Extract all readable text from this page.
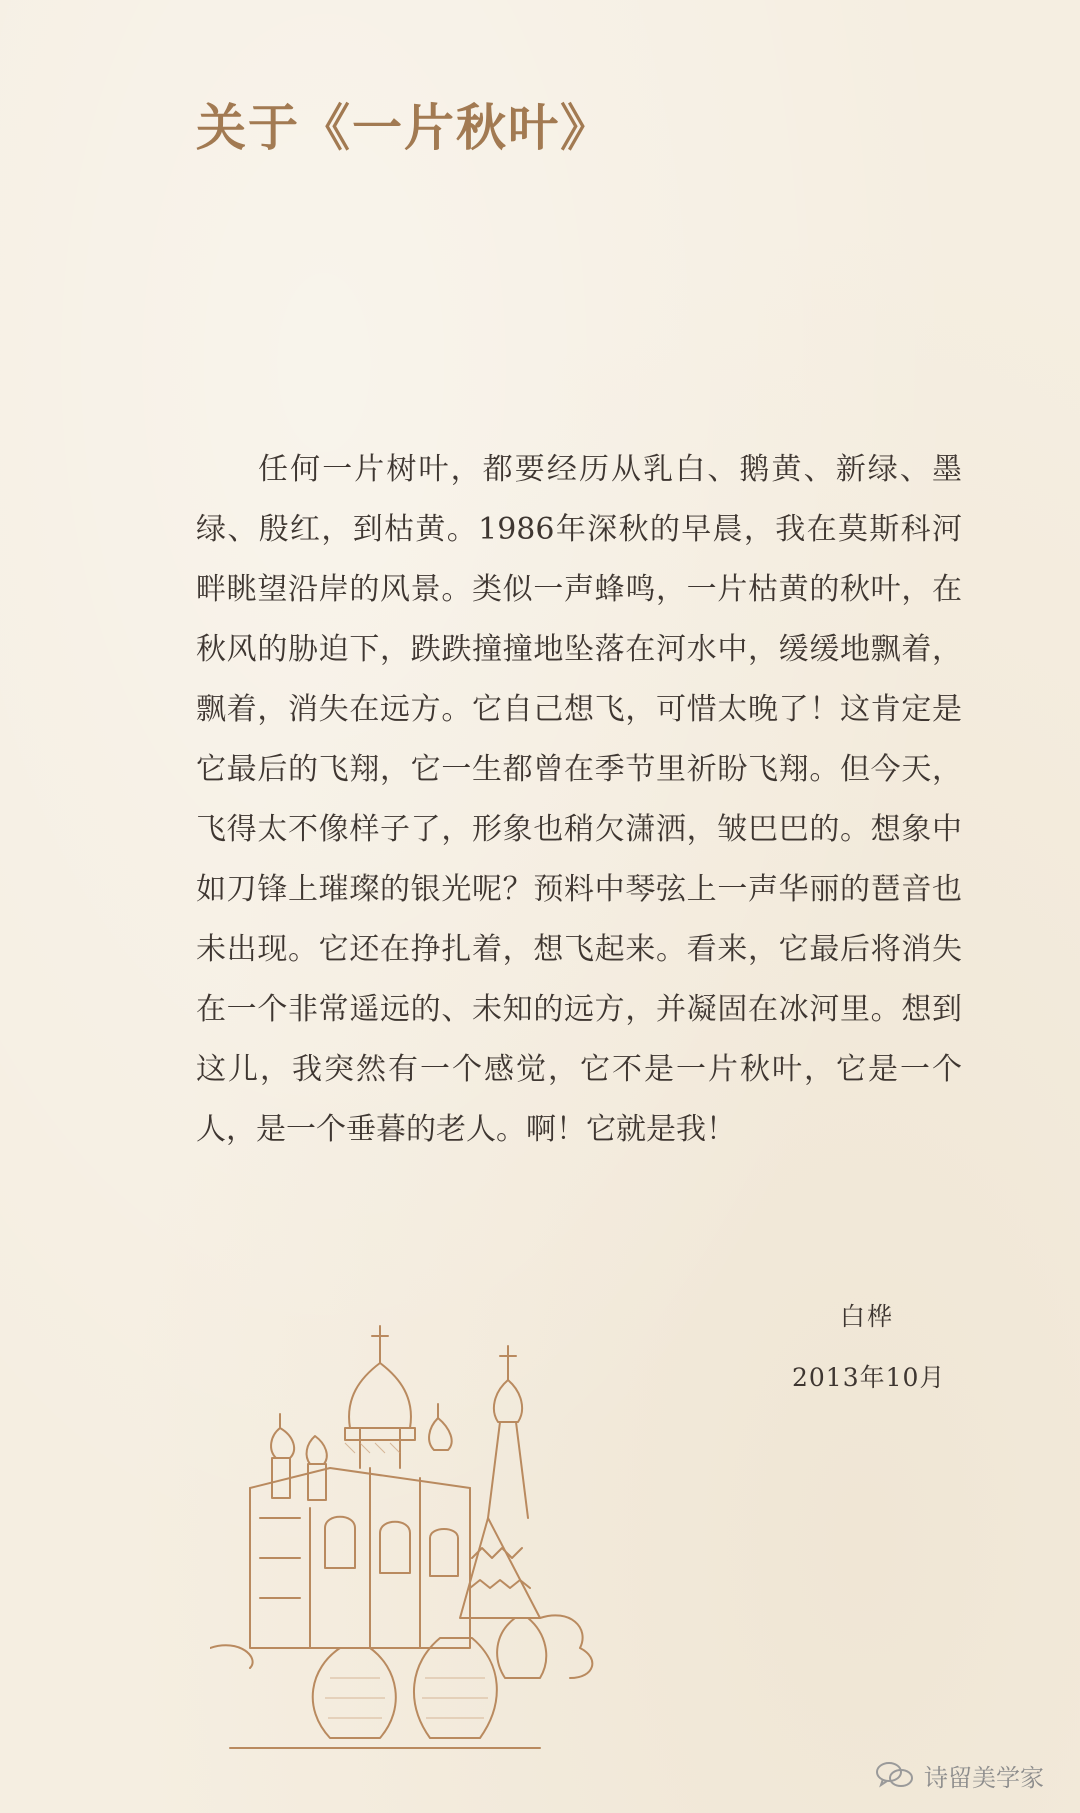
关于《一片秋叶》

任何一片树叶，都要经历从乳白、鹅黄、新绿、墨绿、殷红，到枯黄。1986年深秋的早晨，我在莫斯科河畔眺望沿岸的风景。类似一声蜂鸣，一片枯黄的秋叶，在秋风的胁迫下，跌跌撞撞地坠落在河水中，缓缓地飘着，飘着，消失在远方。它自己想飞，可惜太晚了！这肯定是它最后的飞翔，它一生都曾在季节里祈盼飞翔。但今天，飞得太不像样子了，形象也稍欠潇洒，皱巴巴的。想象中如刀锋上璀璨的银光呢？预料中琴弦上一声华丽的琶音也未出现。它还在挣扎着，想飞起来。看来，它最后将消失在一个非常遥远的、未知的远方，并凝固在冰河里。想到这儿，我突然有一个感觉，它不是一片秋叶，它是一个人，是一个垂暮的老人。啊！它就是我！

白桦
2013年10月
诗留美学家
